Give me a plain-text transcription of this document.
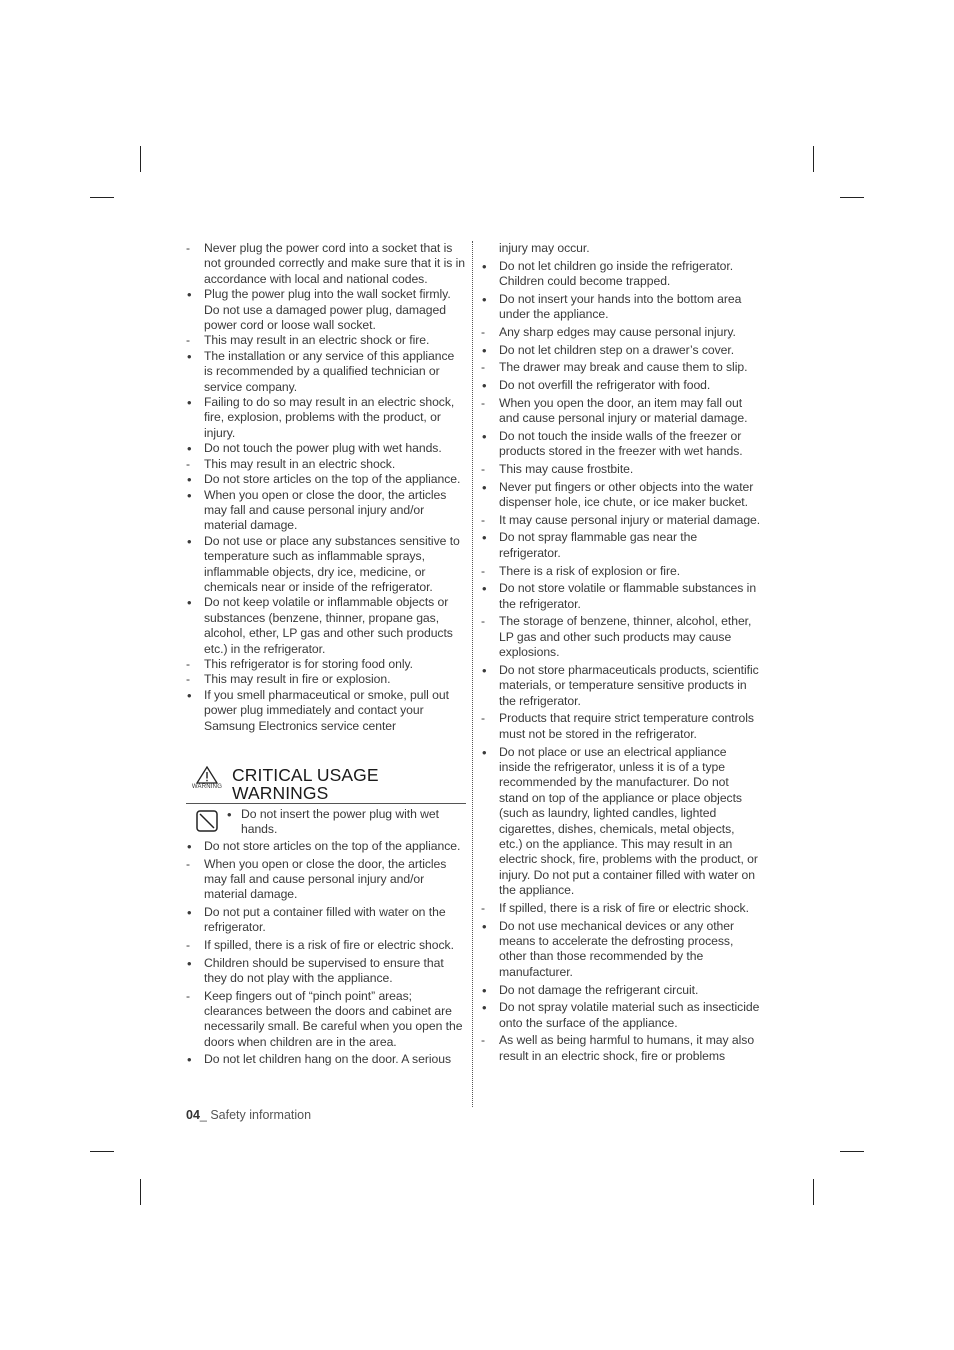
-	Never plug the power cord into a socket that is not grounded correctly and make sure that it is in accordance with local and national codes.
•	Plug the power plug into the wall socket firmly. Do not use a damaged power plug, damaged power cord or loose wall socket.
-	This may result in an electric shock or fire.
•	The installation or any service of this appliance is recommended by a qualified technician or service company.
•	Failing to do so may result in an electric shock, fire, explosion, problems with the product, or injury.
•	Do not touch the power plug with wet hands.
-	This may result in an electric shock.
•	Do not store articles on the top of the appliance.
•	When you open or close the door, the articles may fall and cause personal injury and/or material damage.
•	Do not use or place any substances sensitive to temperature such as inflammable sprays, inflammable objects, dry ice, medicine, or chemicals near or inside of the refrigerator.
•	Do not keep volatile or inflammable objects or substances (benzene, thinner, propane gas, alcohol, ether, LP gas and other such products etc.) in the refrigerator.
-	This refrigerator is for storing food only.
-	This may result in fire or explosion.
•	If you smell pharmaceutical or smoke, pull out power plug immediately and contact your Samsung Electronics service center
WARNING
CRITICAL USAGE
WARNINGS
• Do not insert the power plug with wet hands.
•	Do not store articles on the top of the appliance.
-	When you open or close the door, the articles may fall and cause personal injury and/or material damage.
•	Do not put a container filled with water on the refrigerator.
-	If spilled, there is a risk of fire or electric shock.
•	Children should be supervised to ensure that they do not play with the appliance.
-	Keep fingers out of “pinch point” areas; clearances between the doors and cabinet are necessarily small. Be careful when you open the doors when children are in the area.
•	Do not let children hang on the door. A serious
injury may occur.
•	Do not let children go inside the refrigerator. Children could become trapped.
•	Do not insert your hands into the bottom area under the appliance.
-	Any sharp edges may cause personal injury.
•	Do not let children step on a drawer’s cover.
-	The drawer may break and cause them to slip.
•	Do not overfill the refrigerator with food.
-	When you open the door, an item may fall out and cause personal injury or material damage.
•	Do not touch the inside walls of the freezer or products stored in the freezer with wet hands.
-	This may cause frostbite.
•	Never put fingers or other objects into the water dispenser hole, ice chute, or ice maker bucket.
-	It may cause personal injury or material damage.
•	Do not spray flammable gas near the refrigerator.
-	There is a risk of explosion or fire.
•	Do not store volatile or flammable substances in the refrigerator.
-	The storage of benzene, thinner, alcohol, ether, LP gas and other such products may cause explosions.
•	Do not store pharmaceuticals products, scientific materials, or temperature sensitive products in the refrigerator.
-	Products that require strict temperature controls must not be stored in the refrigerator.
•	Do not place or use an electrical appliance inside the refrigerator, unless it is of a type recommended by the manufacturer. Do not stand on top of the appliance or place objects (such as laundry, lighted candles, lighted cigarettes, dishes, chemicals, metal objects, etc.) on the appliance. This may result in an electric shock, fire, problems with the product, or injury. Do not put a container filled with water on the appliance.
-	If spilled, there is a risk of fire or electric shock.
•	Do not use mechanical devices or any other means to accelerate the defrosting process, other than those recommended by the manufacturer.
•	Do not damage the refrigerant circuit.
•	Do not spray volatile material such as insecticide onto the surface of the appliance.
-	As well as being harmful to humans, it may also result in an electric shock, fire or problems
04_ Safety information
